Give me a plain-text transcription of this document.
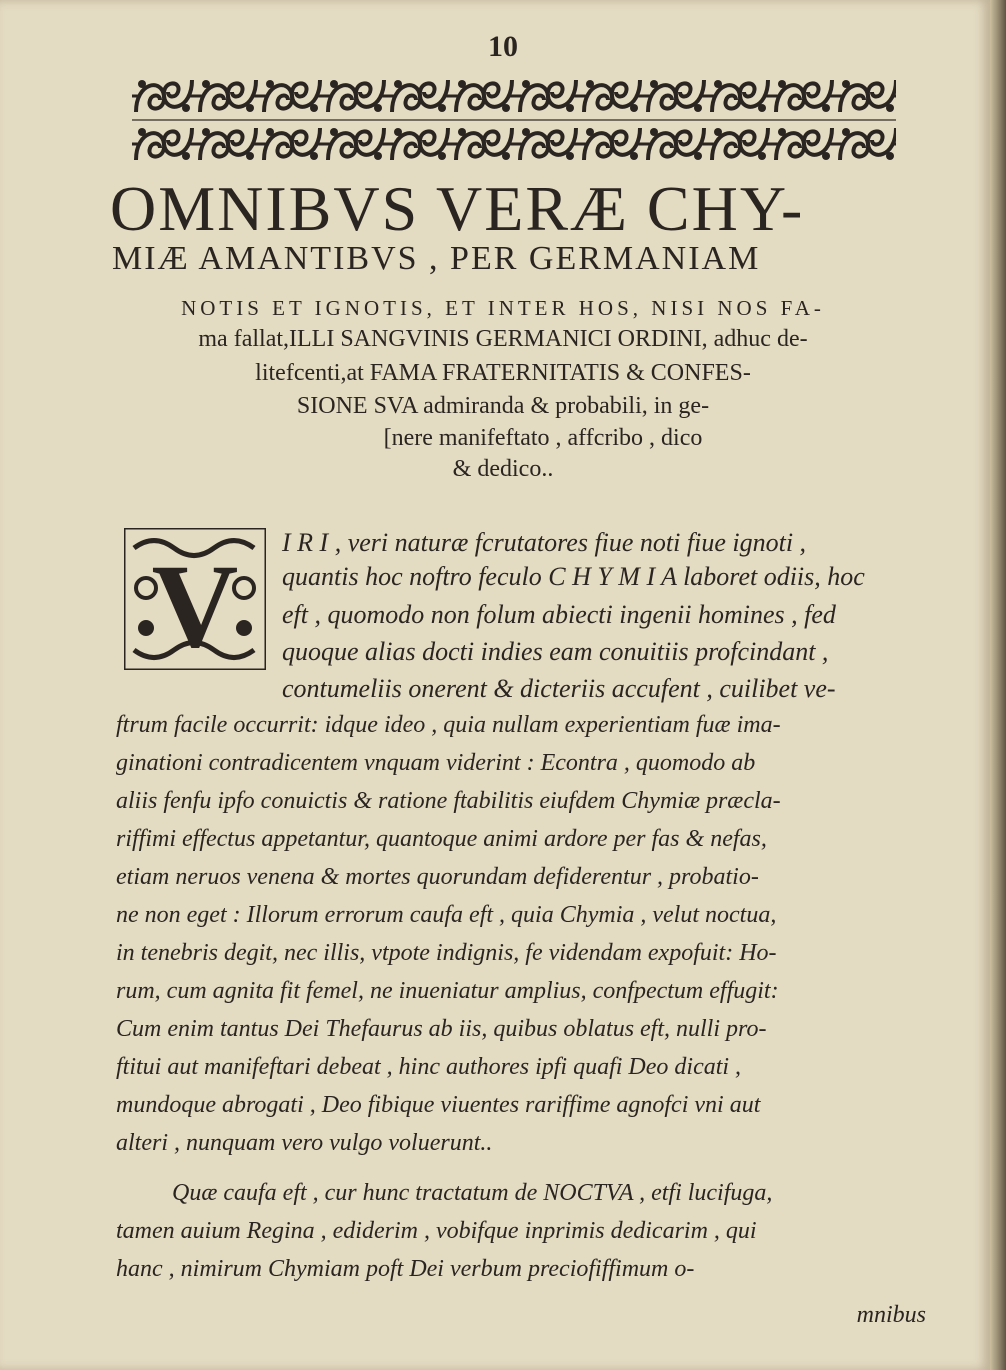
10
OMNIBVS VERÆ CHY-
MIÆ AMANTIBVS , PER GERMANIAM
NOTIS ET IGNOTIS, ET INTER HOS, NISI NOS FA-
ma fallat,ILLI SANGVINIS GERMANICI ORDINI, adhuc de-
litefcenti,at FAMA FRATERNITATIS & CONFES-
SIONE SVA admiranda & probabili, in ge-
[nere manifeftato , affcribo , dico
& dedico..
V I R I , veri naturæ fcrutatores fiue noti fiue ignoti ,
quantis hoc noftro feculo C H Y M I A laboret odiis, hoc
eft , quomodo non folum abiecti ingenii homines , fed
quoque alias docti indies eam conuitiis profcindant ,
contumeliis onerent & dicteriis accufent , cuilibet ve-
ftrum facile occurrit: idque ideo , quia nullam experientiam fuæ ima-
ginationi contradicentem vnquam viderint : Econtra , quomodo ab
aliis fenfu ipfo conuictis & ratione ftabilitis eiufdem Chymiæ præcla-
riffimi effectus appetantur, quantoque animi ardore per fas & nefas,
etiam neruos venena & mortes quorundam defiderentur , probatio-
ne non eget : Illorum errorum caufa eft , quia Chymia , velut noctua,
in tenebris degit, nec illis, vtpote indignis, fe videndam expofuit: Ho-
rum, cum agnita fit femel, ne inueniatur amplius, confpectum effugit:
Cum enim tantus Dei Thefaurus ab iis, quibus oblatus eft, nulli pro-
ftitui aut manifeftari debeat , hinc authores ipfi quafi Deo dicati ,
mundoque abrogati , Deo fibique viuentes rariffime agnofci vni aut
alteri , nunquam vero vulgo voluerunt..
Quæ caufa eft , cur hunc tractatum de NOCTVA , etfi lucifuga,
tamen auium Regina , ediderim , vobifque inprimis dedicarim , qui
hanc , nimirum Chymiam poft Dei verbum preciofiffimum o-
mnibus
